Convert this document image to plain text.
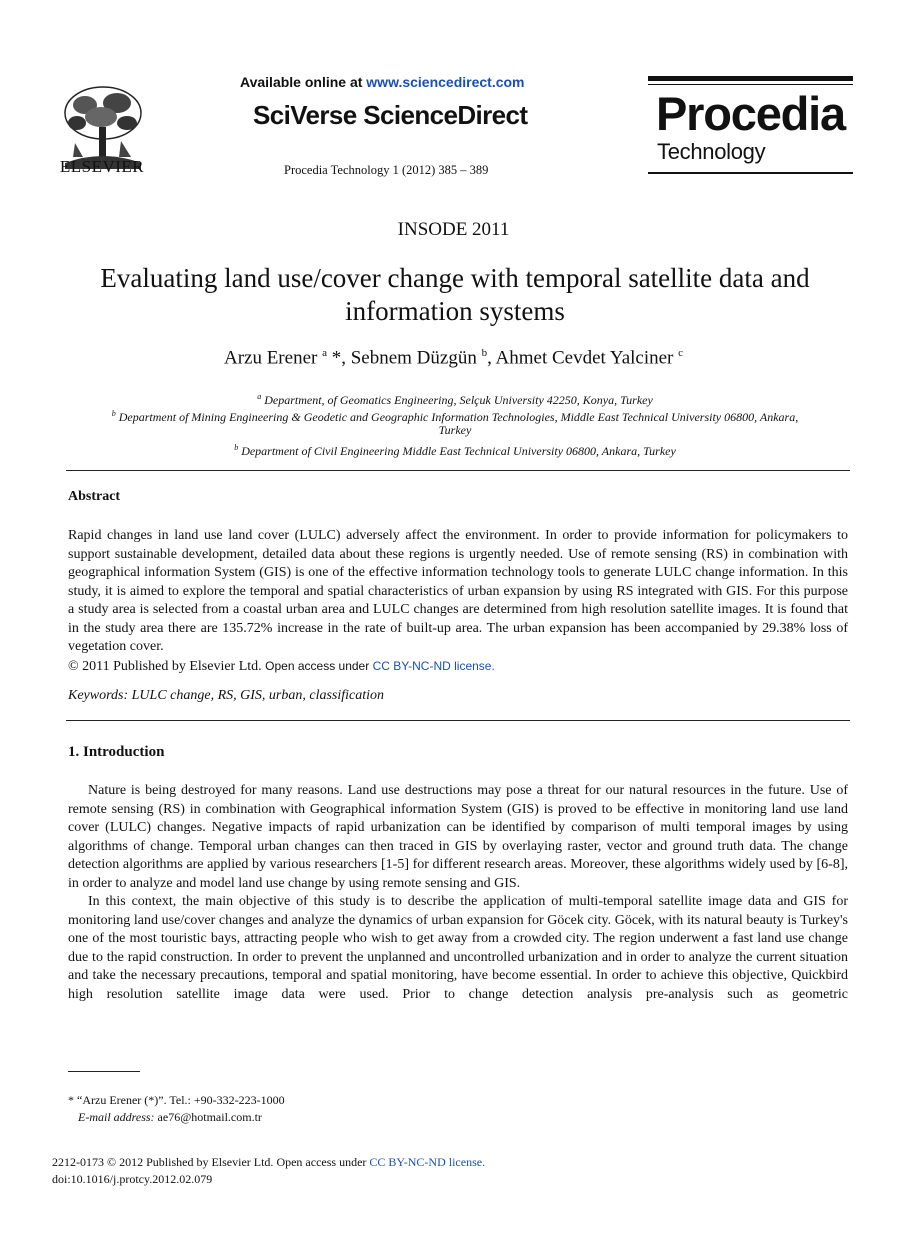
ELSEVIER
Available online at www.sciencedirect.com
SciVerse ScienceDirect
Procedia Technology 1 (2012) 385 – 389
Procedia
Technology
INSODE 2011
Evaluating land use/cover change with temporal satellite data and
information systems
Arzu Erener $^a$ *, Sebnem Düzgün $^b$, Ahmet Cevdet Yalciner $^c$
$^a$ Department, of Geomatics Engineering, Selçuk University 42250, Konya, Turkey
$^b$ Department of Mining Engineering & Geodetic and Geographic Information Technologies, Middle East Technical University 06800, Ankara,
Turkey
$^b$ Department of Civil Engineering Middle East Technical University 06800, Ankara, Turkey
Abstract
Rapid changes in land use land cover (LULC) adversely affect the environment. In order to provide information for policymakers to support sustainable development, detailed data about these regions is urgently needed. Use of remote sensing (RS) in combination with geographical information System (GIS) is one of the effective information technology tools to generate LULC change information. In this study, it is aimed to explore the temporal and spatial characteristics of urban expansion by using RS integrated with GIS. For this purpose a study area is selected from a coastal urban area and LULC changes are determined from high resolution satellite images. It is found that in the study area there are 135.72% increase in the rate of built-up area. The urban expansion has been accompanied by 29.38% loss of vegetation cover.
© 2011 Published by Elsevier Ltd. Open access under CC BY-NC-ND license.
Keywords: LULC change, RS, GIS, urban, classification
1. Introduction
Nature is being destroyed for many reasons. Land use destructions may pose a threat for our natural resources in the future. Use of remote sensing (RS) in combination with Geographical information System (GIS) is proved to be effective in monitoring land use land cover (LULC) changes. Negative impacts of rapid urbanization can be identified by comparison of multi temporal images by using algorithms of change. Temporal urban changes can then traced in GIS by overlaying raster, vector and ground truth data. The change detection algorithms are applied by various researchers [1-5] for different research areas. Moreover, these algorithms widely used by [6-8], in order to analyze and model land use change by using remote sensing and GIS.
In this context, the main objective of this study is to describe the application of multi-temporal satellite image data and GIS for monitoring land use/cover changes and analyze the dynamics of urban expansion for Göcek city. Göcek, with its natural beauty is Turkey's one of the most touristic bays, attracting people who wish to get away from a crowded city. The region underwent a fast land use change due to the rapid construction. In order to prevent the unplanned and uncontrolled urbanization and in order to analyze the current situation and take the necessary precautions, temporal and spatial monitoring, have become essential. In order to achieve this objective, Quickbird high resolution satellite image data were used. Prior to change detection analysis pre-analysis such as geometric
* “Arzu Erener (*)”. Tel.: +90-332-223-1000
E-mail address: ae76@hotmail.com.tr
2212-0173 © 2012 Published by Elsevier Ltd. Open access under CC BY-NC-ND license.
doi:10.1016/j.protcy.2012.02.079
